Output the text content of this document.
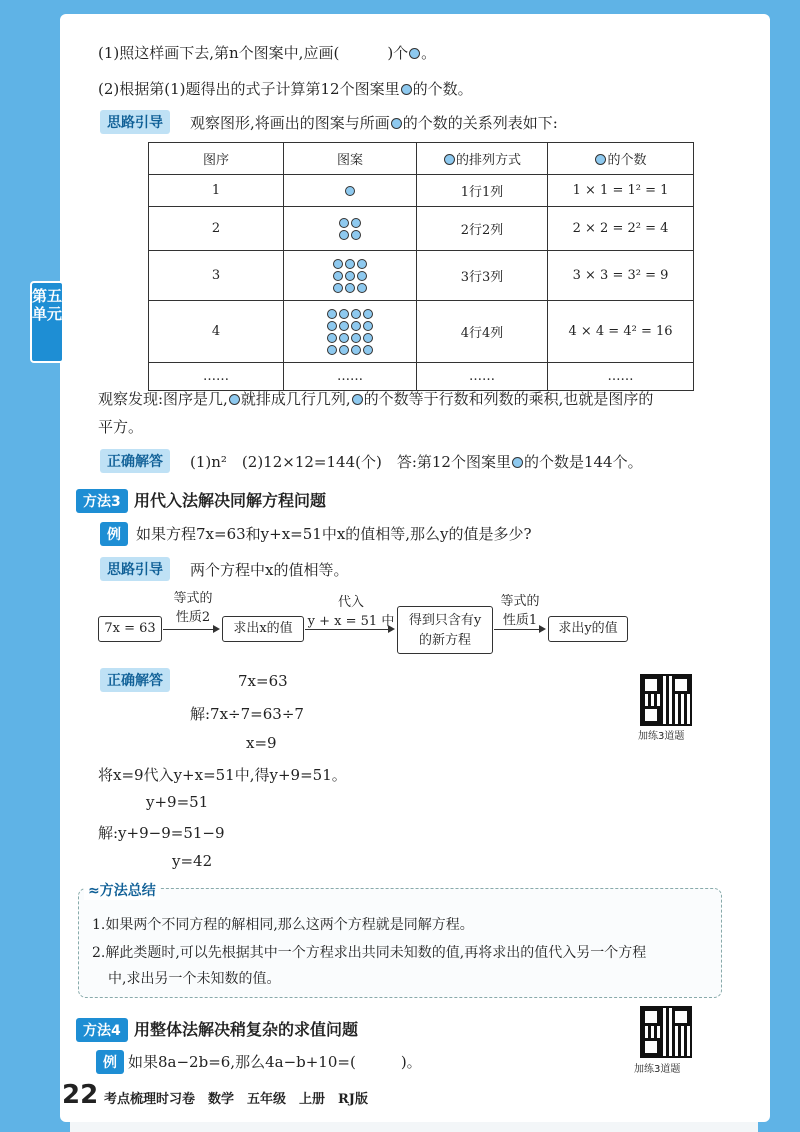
第五单元
(1)照这样画下去,第n个图案中,应画(	)个 。
(2)根据第(1)题得出的式子计算第12个图案里 的个数。
思路引导	观察图形,将画出的图案与所画 的个数的关系列表如下:
图序	图案	的排列方式	的个数
1		1行1列	1 × 1 = 1² = 1
2		2行2列	2 × 2 = 2² = 4
3		3行3列	3 × 3 = 3² = 9
4		4行4列	4 × 4 = 4² = 16
……	……	……	……
观察发现:图序是几, 就排成几行几列, 的个数等于行数和列数的乘积,也就是图序的
平方。
正确解答	(1)n²　(2)12×12=144(个)　答:第12个图案里 的个数是144个。
方法3 用代入法解决同解方程问题
例	如果方程7x=63和y+x=51中x的值相等,那么y的值是多少?
思路引导	两个方程中x的值相等。
7x = 63
等式的
性质2
求出x的值
代入
y + x = 51 中	得到只含有y
的新方程
等式的
性质1
求出y的值
正确解答	7x=63
解:7x÷7=63÷7
x=9
将x=9代入y+x=51中,得y+9=51。
y+9=51
解:y+9−9=51−9
y=42
加练3道题
≈方法总结
1.如果两个不同方程的解相同,那么这两个方程就是同解方程。
2.解此类题时,可以先根据其中一个方程求出共同未知数的值,再将求出的值代入另一个方程
中,求出另一个未知数的值。
方法4 用整体法解决稍复杂的求值问题
例 如果8a−2b=6,那么4a−b+10=(　　　)。	加练3道题
22 考点梳理时习卷　数学　五年级　上册　RJ版
